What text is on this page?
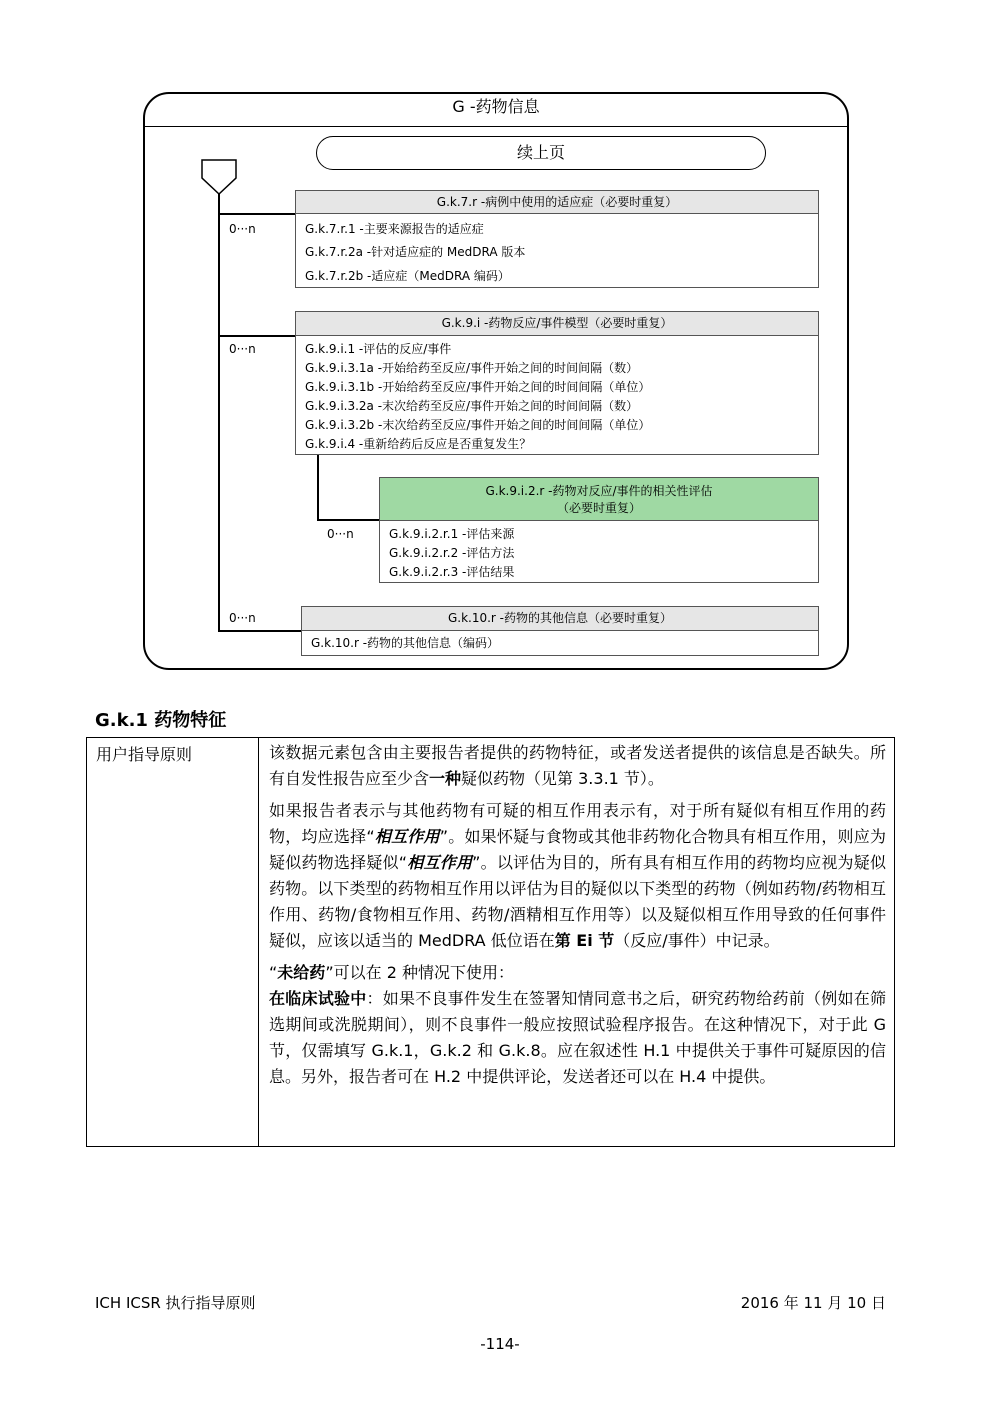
G -药物信息
续上页
0···n
G.k.7.r -病例中使用的适应症（必要时重复）
G.k.7.r.1 -主要来源报告的适应症
G.k.7.r.2a -针对适应症的 MedDRA 版本
G.k.7.r.2b -适应症（MedDRA 编码）
0···n
G.k.9.i -药物反应/事件模型（必要时重复）
G.k.9.i.1 -评估的反应/事件
G.k.9.i.3.1a -开始给药至反应/事件开始之间的时间间隔（数）
G.k.9.i.3.1b -开始给药至反应/事件开始之间的时间间隔（单位）
G.k.9.i.3.2a -末次给药至反应/事件开始之间的时间间隔（数）
G.k.9.i.3.2b -末次给药至反应/事件开始之间的时间间隔（单位）
G.k.9.i.4 -重新给药后反应是否重复发生？
0···n
G.k.9.i.2.r -药物对反应/事件的相关性评估
（必要时重复）
G.k.9.i.2.r.1 -评估来源
G.k.9.i.2.r.2 -评估方法
G.k.9.i.2.r.3 -评估结果
0···n	G.k.10.r -药物的其他信息（必要时重复）
G.k.10.r -药物的其他信息（编码）
G.k.1 药物特征
用户指导原则	该数据元素包含由主要报告者提供的药物特征，或者发送者提供的该信息是否缺失。所有自发性报告应至少含一种疑似药物（见第 3.3.1 节）。

如果报告者表示与其他药物有可疑的相互作用表示有，对于所有疑似有相互作用的药物，均应选择“相互作用”。如果怀疑与食物或其他非药物化合物具有相互作用，则应为疑似药物选择疑似“相互作用”。以评估为目的，所有具有相互作用的药物均应视为疑似药物。以下类型的药物相互作用以评估为目的疑似以下类型的药物（例如药物/药物相互作用、药物/食物相互作用、药物/酒精相互作用等）以及疑似相互作用导致的任何事件疑似，应该以适当的 MedDRA 低位语在第 Ei 节（反应/事件）中记录。

“未给药”可以在 2 种情况下使用：

在临床试验中：如果不良事件发生在签署知情同意书之后，研究药物给药前（例如在筛选期间或洗脱期间），则不良事件一般应按照试验程序报告。在这种情况下，对于此 G 节，仅需填写 G.k.1，G.k.2 和 G.k.8。应在叙述性 H.1 中提供关于事件可疑原因的信息。另外，报告者可在 H.2 中提供评论，发送者还可以在 H.4 中提供。

ICH ICSR 执行指导原则	2016 年 11 月 10 日
-114-
